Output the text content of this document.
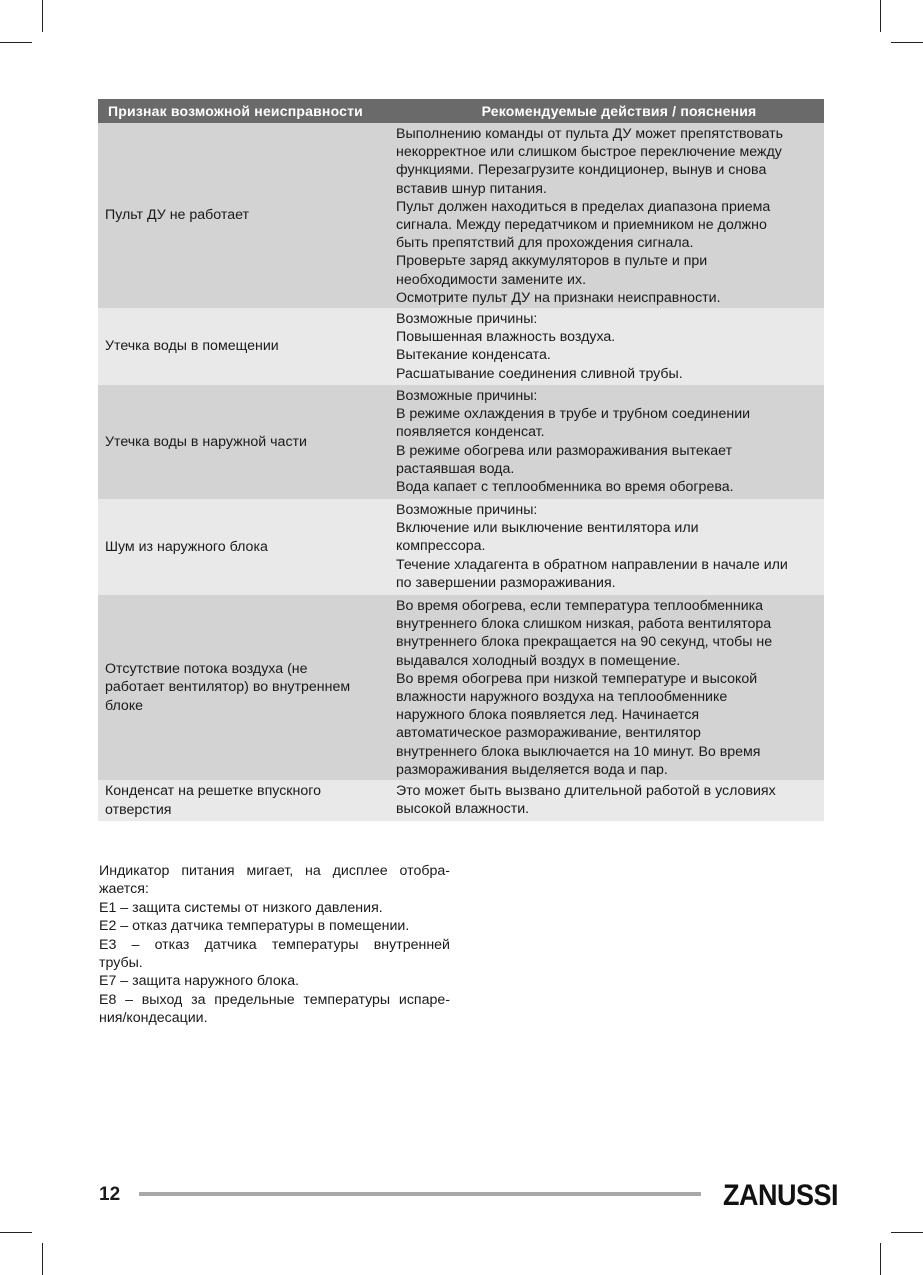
Признак возможной неисправности	Рекомендуемые действия / пояснения
Пульт ДУ не работает
Выполнению команды от пульта ДУ может препятствовать
некорректное или слишком быстрое переключение между
функциями. Перезагрузите кондиционер, вынув и снова
вставив шнур питания.
Пульт должен находиться в пределах диапазона приема
сигнала. Между передатчиком и приемником не должно
быть препятствий для прохождения сигнала.
Проверьте заряд аккумуляторов в пульте и при
необходимости замените их.
Осмотрите пульт ДУ на признаки неисправности.
Утечка воды в помещении
Возможные причины:
Повышенная влажность воздуха.
Вытекание конденсата.
Расшатывание соединения сливной трубы.
Утечка воды в наружной части
Возможные причины:
В режиме охлаждения в трубе и трубном соединении
появляется конденсат.
В режиме обогрева или размораживания вытекает
растаявшая вода.
Вода капает с теплообменника во время обогрева.
Шум из наружного блока
Возможные причины:
Включение или выключение вентилятора или
компрессора.
Течение хладагента в обратном направлении в начале или
по завершении размораживания.
Отсутствие потока воздуха (не
работает вентилятор) во внутреннем
блоке
Во время обогрева, если температура теплообменника
внутреннего блока слишком низкая, работа вентилятора
внутреннего блока прекращается на 90 секунд, чтобы не
выдавался холодный воздух в помещение.
Во время обогрева при низкой температуре и высокой
влажности наружного воздуха на теплообменнике
наружного блока появляется лед. Начинается
автоматическое размораживание, вентилятор
внутреннего блока выключается на 10 минут. Во время
размораживания выделяется вода и пар.
Конденсат на решетке впускного
отверстия
Это может быть вызвано длительной работой в условиях
высокой влажности.
Индикатор питания мигает, на дисплее отобра-
жается:
Е1 – защита системы от низкого давления.
Е2 – отказ датчика температуры в помещении.
Е3 – отказ датчика температуры внутренней
трубы.
Е7 – защита наружного блока.
Е8 – выход за предельные температуры испаре-
ния/кондесации.
12	ZANUSSI
